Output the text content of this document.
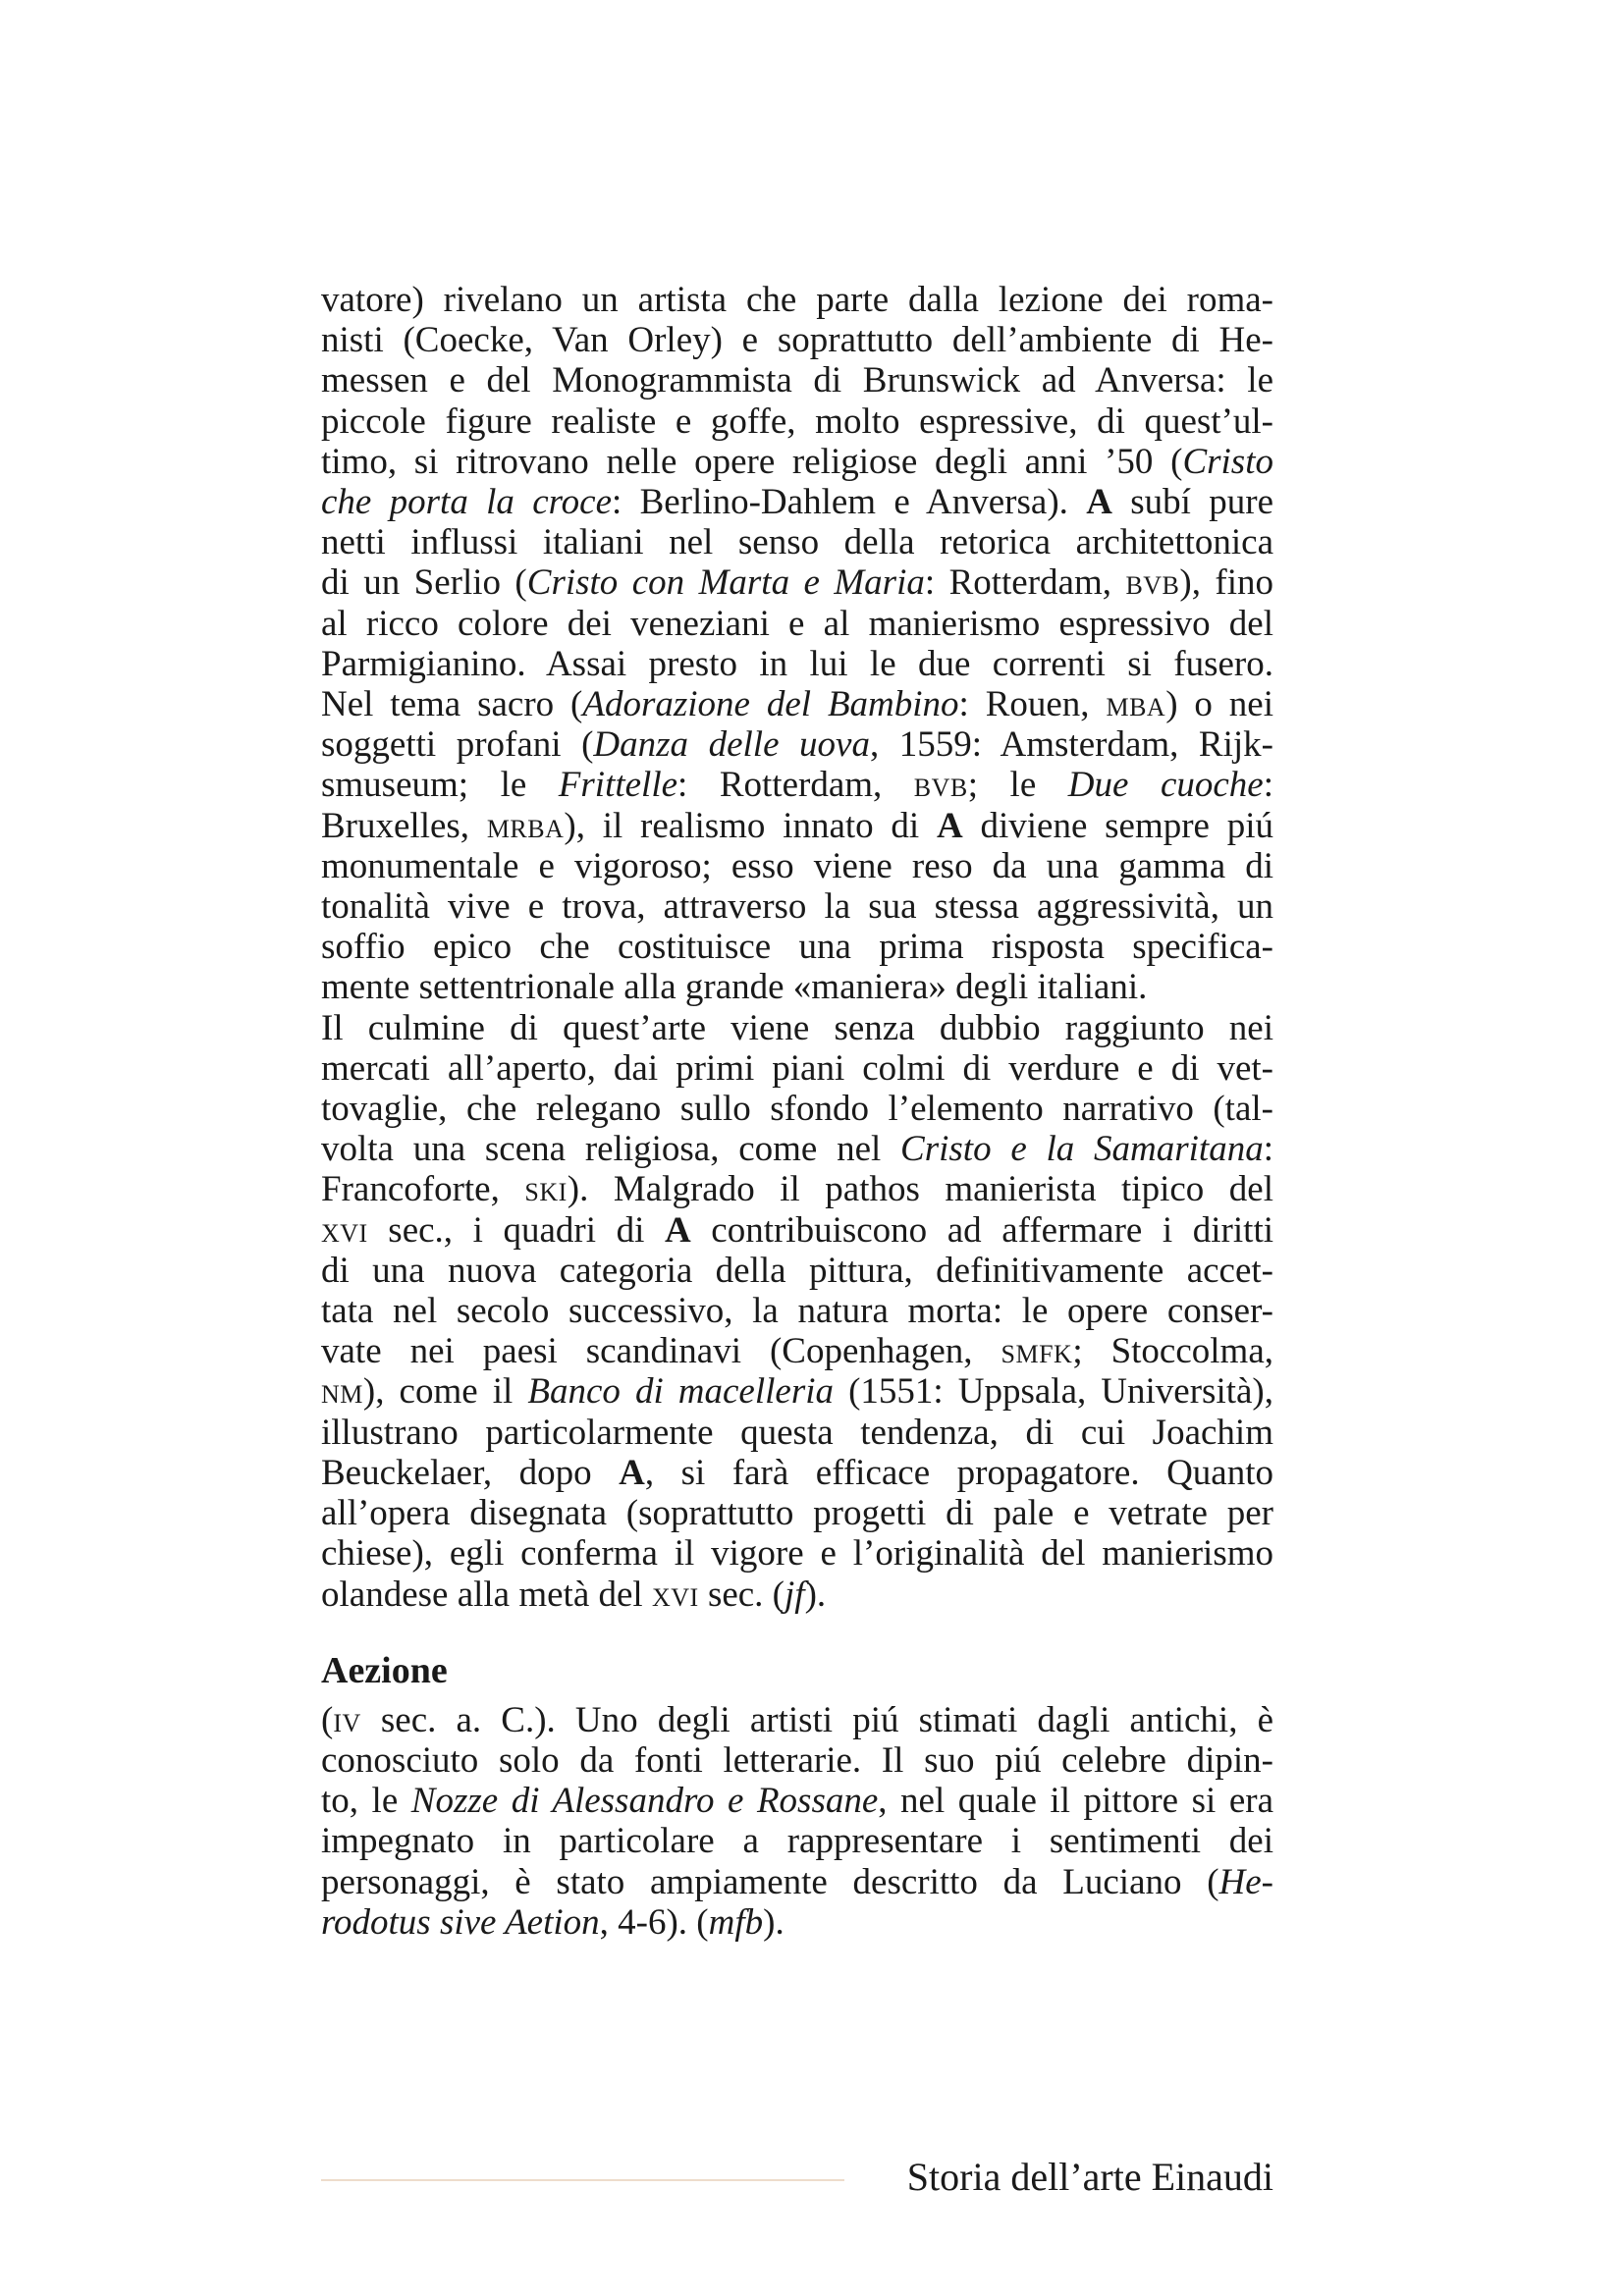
vatore) rivelano un artista che parte dalla lezione dei roma-
nisti (Coecke, Van Orley) e soprattutto dell’ambiente di He-
messen e del Monogrammista di Brunswick ad Anversa: le
piccole figure realiste e goffe, molto espressive, di quest’ul-
timo, si ritrovano nelle opere religiose degli anni ’50 (Cristo
che porta la croce: Berlino-Dahlem e Anversa). A subí pure
netti influssi italiani nel senso della retorica architettonica
di un Serlio (Cristo con Marta e Maria: Rotterdam, bvb), fino
al ricco colore dei veneziani e al manierismo espressivo del
Parmigianino. Assai presto in lui le due correnti si fusero.
Nel tema sacro (Adorazione del Bambino: Rouen, mba) o nei
soggetti profani (Danza delle uova, 1559: Amsterdam, Rijk-
smuseum; le Frittelle: Rotterdam, bvb; le Due cuoche:
Bruxelles, mrba), il realismo innato di A diviene sempre piú
monumentale e vigoroso; esso viene reso da una gamma di
tonalità vive e trova, attraverso la sua stessa aggressività, un
soffio epico che costituisce una prima risposta specifica-
mente settentrionale alla grande «maniera» degli italiani.
Il culmine di quest’arte viene senza dubbio raggiunto nei
mercati all’aperto, dai primi piani colmi di verdure e di vet-
tovaglie, che relegano sullo sfondo l’elemento narrativo (tal-
volta una scena religiosa, come nel Cristo e la Samaritana:
Francoforte, ski). Malgrado il pathos manierista tipico del
xvi sec., i quadri di A contribuiscono ad affermare i diritti
di una nuova categoria della pittura, definitivamente accet-
tata nel secolo successivo, la natura morta: le opere conser-
vate nei paesi scandinavi (Copenhagen, smfk; Stoccolma,
nm), come il Banco di macelleria (1551: Uppsala, Università),
illustrano particolarmente questa tendenza, di cui Joachim
Beuckelaer, dopo A, si farà efficace propagatore. Quanto
all’opera disegnata (soprattutto progetti di pale e vetrate per
chiese), egli conferma il vigore e l’originalità del manierismo
olandese alla metà del xvi sec. (jf).
Aezione
(iv sec. a. C.). Uno degli artisti piú stimati dagli antichi, è
conosciuto solo da fonti letterarie. Il suo piú celebre dipin-
to, le Nozze di Alessandro e Rossane, nel quale il pittore si era
impegnato in particolare a rappresentare i sentimenti dei
personaggi, è stato ampiamente descritto da Luciano (He-
rodotus sive Aetion, 4-6). (mfb).
Storia dell’arte Einaudi
